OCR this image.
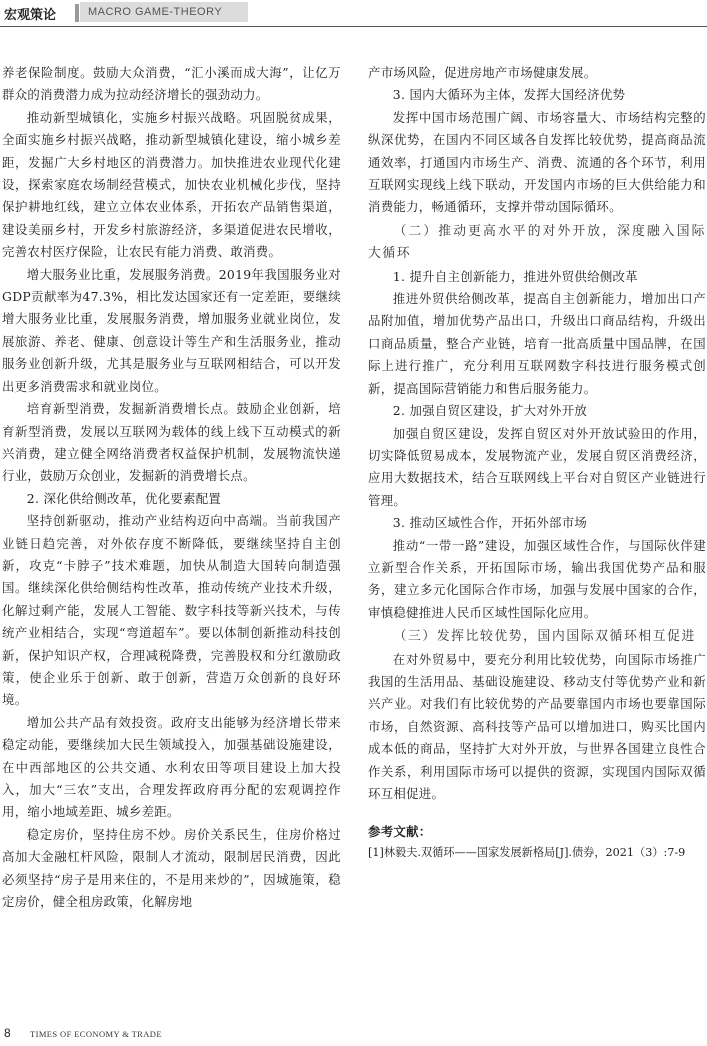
宏观策论	MACRO GAME-THEORY

养老保险制度。鼓励大众消费，“汇小溪而成大海”，让亿万群众的消费潜力成为拉动经济增长的强劲动力。

推动新型城镇化，实施乡村振兴战略。巩固脱贫成果，全面实施乡村振兴战略，推动新型城镇化建设，缩小城乡差距，发掘广大乡村地区的消费潜力。加快推进农业现代化建设，探索家庭农场制经营模式，加快农业机械化步伐，坚持保护耕地红线，建立立体农业体系，开拓农产品销售渠道，建设美丽乡村，开发乡村旅游经济，多渠道促进农民增收，完善农村医疗保险，让农民有能力消费、敢消费。

增大服务业比重，发展服务消费。2019年我国服务业对GDP贡献率为47.3%，相比发达国家还有一定差距，要继续增大服务业比重，发展服务消费，增加服务业就业岗位，发展旅游、养老、健康、创意设计等生产和生活服务业，推动服务业创新升级，尤其是服务业与互联网相结合，可以开发出更多消费需求和就业岗位。

培育新型消费，发掘新消费增长点。鼓励企业创新，培育新型消费，发展以互联网为载体的线上线下互动模式的新兴消费，建立健全网络消费者权益保护机制，发展物流快递行业，鼓励万众创业，发掘新的消费增长点。

2. 深化供给侧改革，优化要素配置

坚持创新驱动，推动产业结构迈向中高端。当前我国产业链日趋完善，对外依存度不断降低，要继续坚持自主创新，攻克“卡脖子”技术难题，加快从制造大国转向制造强国。继续深化供给侧结构性改革，推动传统产业技术升级，化解过剩产能，发展人工智能、数字科技等新兴技术，与传统产业相结合，实现“弯道超车”。要以体制创新推动科技创新，保护知识产权，合理减税降费，完善股权和分红激励政策，使企业乐于创新、敢于创新，营造万众创新的良好环境。

增加公共产品有效投资。政府支出能够为经济增长带来稳定动能，要继续加大民生领域投入，加强基础设施建设，在中西部地区的公共交通、水利农田等项目建设上加大投入，加大“三农”支出，合理发挥政府再分配的宏观调控作用，缩小地域差距、城乡差距。

稳定房价，坚持住房不炒。房价关系民生，住房价格过高加大金融杠杆风险，限制人才流动，限制居民消费，因此必须坚持“房子是用来住的，不是用来炒的”，因城施策，稳定房价，健全租房政策，化解房地

产市场风险，促进房地产市场健康发展。

3. 国内大循环为主体，发挥大国经济优势

发挥中国市场范围广阔、市场容量大、市场结构完整的纵深优势，在国内不同区域各自发挥比较优势，提高商品流通效率，打通国内市场生产、消费、流通的各个环节，利用互联网实现线上线下联动，开发国内市场的巨大供给能力和消费能力，畅通循环，支撑并带动国际循环。

（二）推动更高水平的对外开放，深度融入国际大循环

1. 提升自主创新能力，推进外贸供给侧改革

推进外贸供给侧改革，提高自主创新能力，增加出口产品附加值，增加优势产品出口，升级出口商品结构，升级出口商品质量，整合产业链，培育一批高质量中国品牌，在国际上进行推广，充分利用互联网数字科技进行服务模式创新，提高国际营销能力和售后服务能力。

2. 加强自贸区建设，扩大对外开放

加强自贸区建设，发挥自贸区对外开放试验田的作用，切实降低贸易成本，发展物流产业，发展自贸区消费经济，应用大数据技术，结合互联网线上平台对自贸区产业链进行管理。

3. 推动区域性合作，开拓外部市场

推动“一带一路”建设，加强区域性合作，与国际伙伴建立新型合作关系，开拓国际市场，输出我国优势产品和服务，建立多元化国际合作市场，加强与发展中国家的合作，审慎稳健推进人民币区域性国际化应用。

（三）发挥比较优势，国内国际双循环相互促进

在对外贸易中，要充分利用比较优势，向国际市场推广我国的生活用品、基础设施建设、移动支付等优势产业和新兴产业。对我们有比较优势的产品要靠国内市场也要靠国际市场，自然资源、高科技等产品可以增加进口，购买比国内成本低的商品，坚持扩大对外开放，与世界各国建立良性合作关系，利用国际市场可以提供的资源，实现国内国际双循环互相促进。

参考文献：

[1]林毅夫.双循环——国家发展新格局[J].债券，2021（3）:7-9

8 TIMES OF ECONOMY & TRADE
